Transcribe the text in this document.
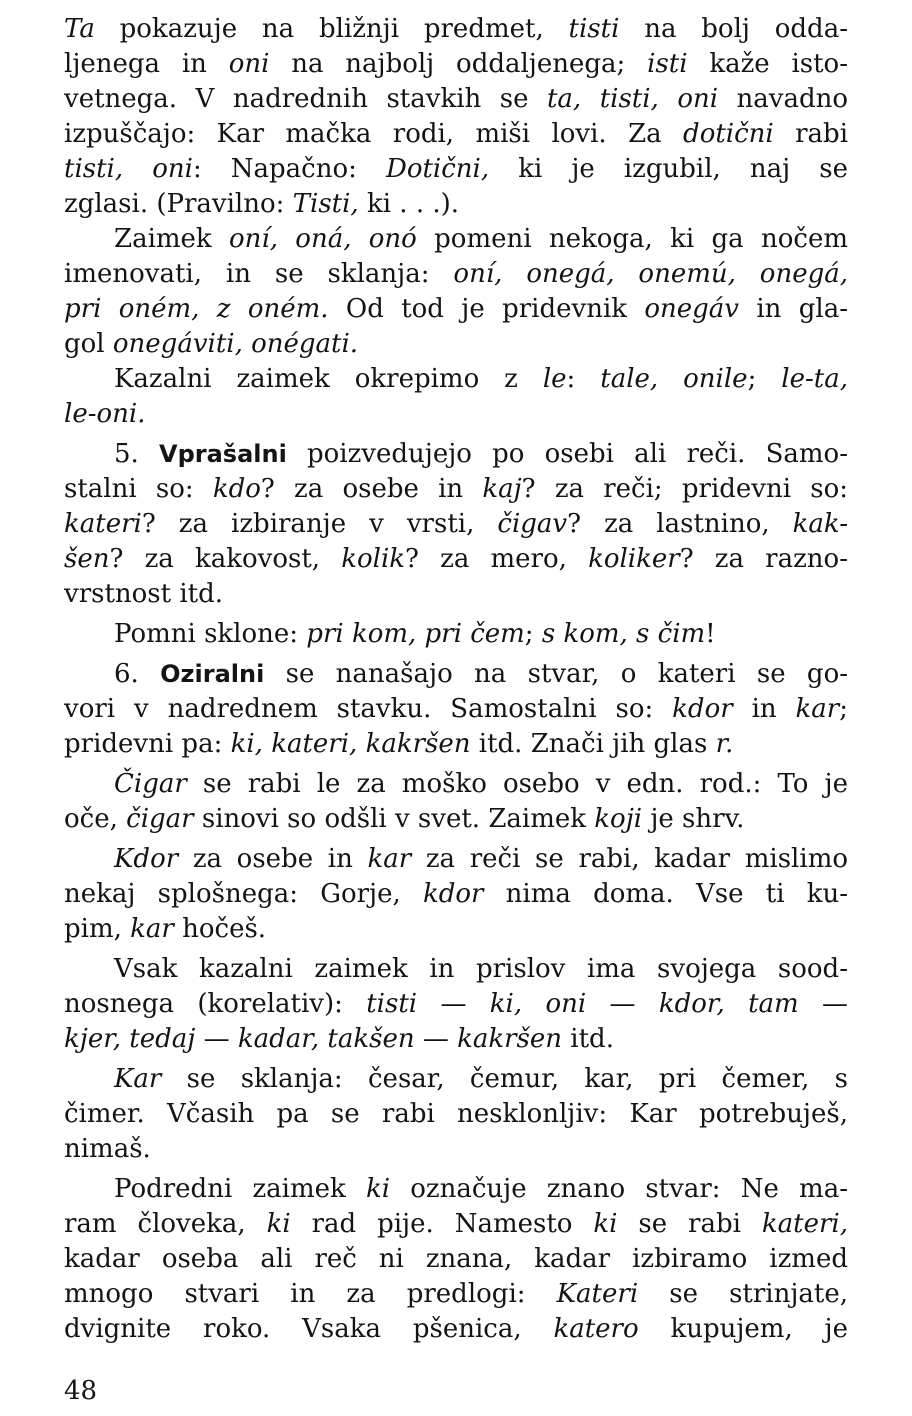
Ta pokazuje na bližnji predmet, tisti na bolj odda-
ljenega in oni na najbolj oddaljenega; isti kaže isto-
vetnega. V nadrednih stavkih se ta, tisti, oni navadno
izpuščajo: Kar mačka rodi, miši lovi. Za dotični rabi
tisti, oni: Napačno: Dotični, ki je izgubil, naj se
zglasi. (Pravilno: Tisti, ki . . .).
Zaimek oní, oná, onó pomeni nekoga, ki ga nočem
imenovati, in se sklanja: oní, onegá, onemú, onegá,
pri oném, z oném. Od tod je pridevnik onegáv in gla-
gol onegáviti, onégati.
Kazalni zaimek okrepimo z le: tale, onile; le-ta,
le-oni.
5. Vprašalni poizvedujejo po osebi ali reči. Samo-
stalni so: kdo? za osebe in kaj? za reči; pridevni so:
kateri? za izbiranje v vrsti, čigav? za lastnino, kak-
šen? za kakovost, kolik? za mero, koliker? za razno-
vrstnost itd.
Pomni sklone: pri kom, pri čem; s kom, s čim!
6. Oziralni se nanašajo na stvar, o kateri se go-
vori v nadrednem stavku. Samostalni so: kdor in kar;
pridevni pa: ki, kateri, kakršen itd. Znači jih glas r.
Čigar se rabi le za moško osebo v edn. rod.: To je
oče, čigar sinovi so odšli v svet. Zaimek koji je shrv.
Kdor za osebe in kar za reči se rabi, kadar mislimo
nekaj splošnega: Gorje, kdor nima doma. Vse ti ku-
pim, kar hočeš.
Vsak kazalni zaimek in prislov ima svojega sood-
nosnega (korelativ): tisti — ki, oni — kdor, tam —
kjer, tedaj — kadar, takšen — kakršen itd.
Kar se sklanja: česar, čemur, kar, pri čemer, s
čimer. Včasih pa se rabi nesklonljiv: Kar potrebuješ,
nimaš.
Podredni zaimek ki označuje znano stvar: Ne ma-
ram človeka, ki rad pije. Namesto ki se rabi kateri,
kadar oseba ali reč ni znana, kadar izbiramo izmed
mnogo stvari in za predlogi: Kateri se strinjate,
dvignite roko. Vsaka pšenica, katero kupujem, je
48
